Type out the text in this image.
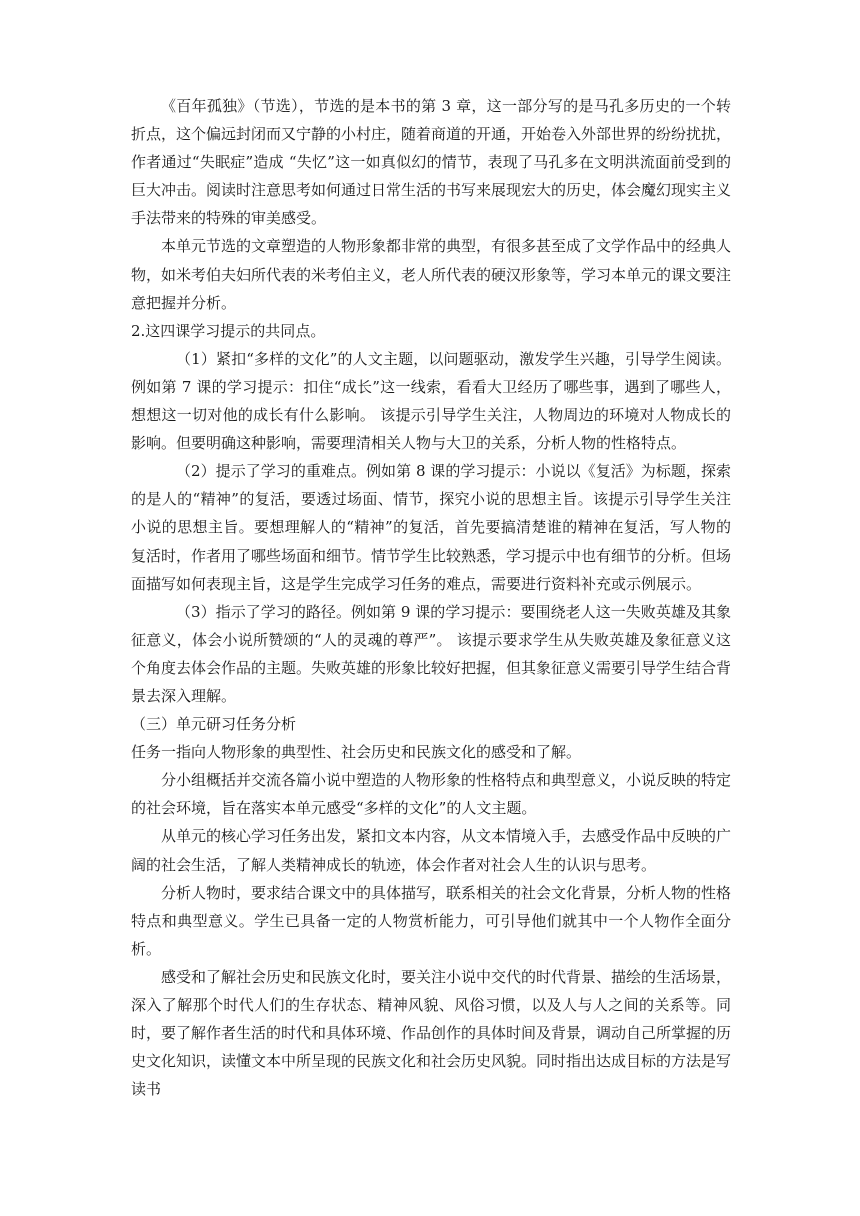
《百年孤独》（节选），节选的是本书的第 3 章，这一部分写的是马孔多历史的一个转折点，这个偏远封闭而又宁静的小村庄，随着商道的开通，开始卷入外部世界的纷纷扰扰，作者通过“失眠症”造成 “失忆”这一如真似幻的情节，表现了马孔多在文明洪流面前受到的巨大冲击。阅读时注意思考如何通过日常生活的书写来展现宏大的历史，体会魔幻现实主义手法带来的特殊的审美感受。

本单元节选的文章塑造的人物形象都非常的典型，有很多甚至成了文学作品中的经典人物，如米考伯夫妇所代表的米考伯主义，老人所代表的硬汉形象等，学习本单元的课文要注意把握并分析。

2.这四课学习提示的共同点。

（1）紧扣“多样的文化”的人文主题，以问题驱动，激发学生兴趣，引导学生阅读。例如第 7 课的学习提示：扣住“成长”这一线索，看看大卫经历了哪些事，遇到了哪些人，想想这一切对他的成长有什么影响。 该提示引导学生关注，人物周边的环境对人物成长的影响。但要明确这种影响，需要理清相关人物与大卫的关系，分析人物的性格特点。

（2）提示了学习的重难点。例如第 8 课的学习提示：小说以《复活》为标题，探索的是人的“精神”的复活，要透过场面、情节，探究小说的思想主旨。该提示引导学生关注小说的思想主旨。要想理解人的“精神”的复活，首先要搞清楚谁的精神在复活，写人物的复活时，作者用了哪些场面和细节。情节学生比较熟悉，学习提示中也有细节的分析。但场面描写如何表现主旨，这是学生完成学习任务的难点，需要进行资料补充或示例展示。

（3）指示了学习的路径。例如第 9 课的学习提示：要围绕老人这一失败英雄及其象征意义，体会小说所赞颂的“人的灵魂的尊严”。 该提示要求学生从失败英雄及象征意义这个角度去体会作品的主题。失败英雄的形象比较好把握，但其象征意义需要引导学生结合背景去深入理解。

（三）单元研习任务分析

任务一指向人物形象的典型性、社会历史和民族文化的感受和了解。

分小组概括并交流各篇小说中塑造的人物形象的性格特点和典型意义，小说反映的特定的社会环境，旨在落实本单元感受“多样的文化”的人文主题。

从单元的核心学习任务出发，紧扣文本内容，从文本情境入手，去感受作品中反映的广阔的社会生活，了解人类精神成长的轨迹，体会作者对社会人生的认识与思考。

分析人物时，要求结合课文中的具体描写，联系相关的社会文化背景，分析人物的性格特点和典型意义。学生已具备一定的人物赏析能力，可引导他们就其中一个人物作全面分析。

感受和了解社会历史和民族文化时，要关注小说中交代的时代背景、描绘的生活场景，深入了解那个时代人们的生存状态、精神风貌、风俗习惯，以及人与人之间的关系等。同时，要了解作者生活的时代和具体环境、作品创作的具体时间及背景，调动自己所掌握的历史文化知识，读懂文本中所呈现的民族文化和社会历史风貌。同时指出达成目标的方法是写读书
